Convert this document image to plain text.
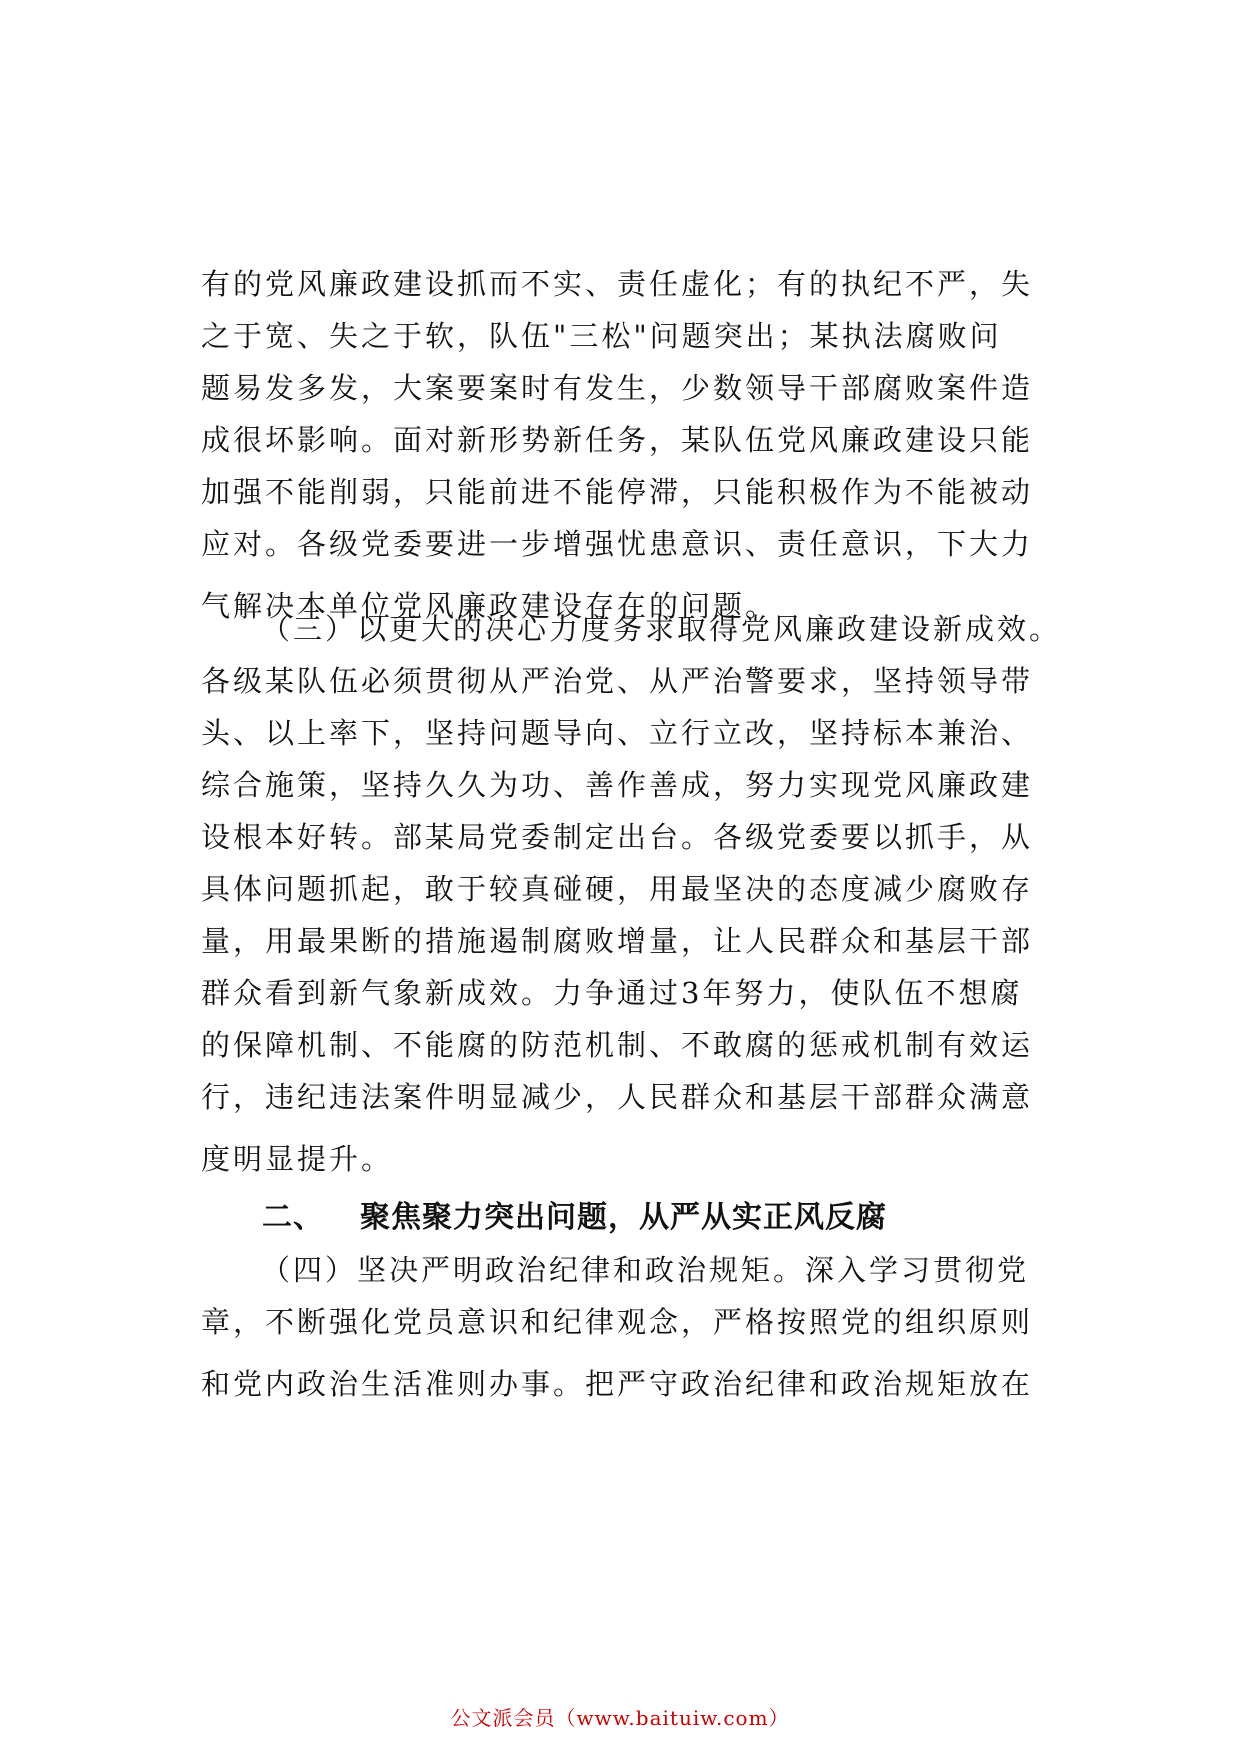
有的党风廉政建设抓而不实、责任虚化；有的执纪不严，失
之于宽、失之于软，队伍"三松"问题突出；某执法腐败问
题易发多发，大案要案时有发生，少数领导干部腐败案件造
成很坏影响。面对新形势新任务，某队伍党风廉政建设只能
加强不能削弱，只能前进不能停滞，只能积极作为不能被动
应对。各级党委要进一步增强忧患意识、责任意识，下大力
气解决本单位党风廉政建设存在的问题。
（三）以更大的决心力度务求取得党风廉政建设新成效。
各级某队伍必须贯彻从严治党、从严治警要求，坚持领导带
头、以上率下，坚持问题导向、立行立改，坚持标本兼治、
综合施策，坚持久久为功、善作善成，努力实现党风廉政建
设根本好转。部某局党委制定出台。各级党委要以抓手，从
具体问题抓起，敢于较真碰硬，用最坚决的态度减少腐败存
量，用最果断的措施遏制腐败增量，让人民群众和基层干部
群众看到新气象新成效。力争通过3年努力，使队伍不想腐
的保障机制、不能腐的防范机制、不敢腐的惩戒机制有效运
行，违纪违法案件明显减少，人民群众和基层干部群众满意
度明显提升。
二、 聚焦聚力突出问题，从严从实正风反腐
（四）坚决严明政治纪律和政治规矩。深入学习贯彻党
章，不断强化党员意识和纪律观念，严格按照党的组织原则
和党内政治生活准则办事。把严守政治纪律和政治规矩放在
公文派会员（www.baituiw.com）
